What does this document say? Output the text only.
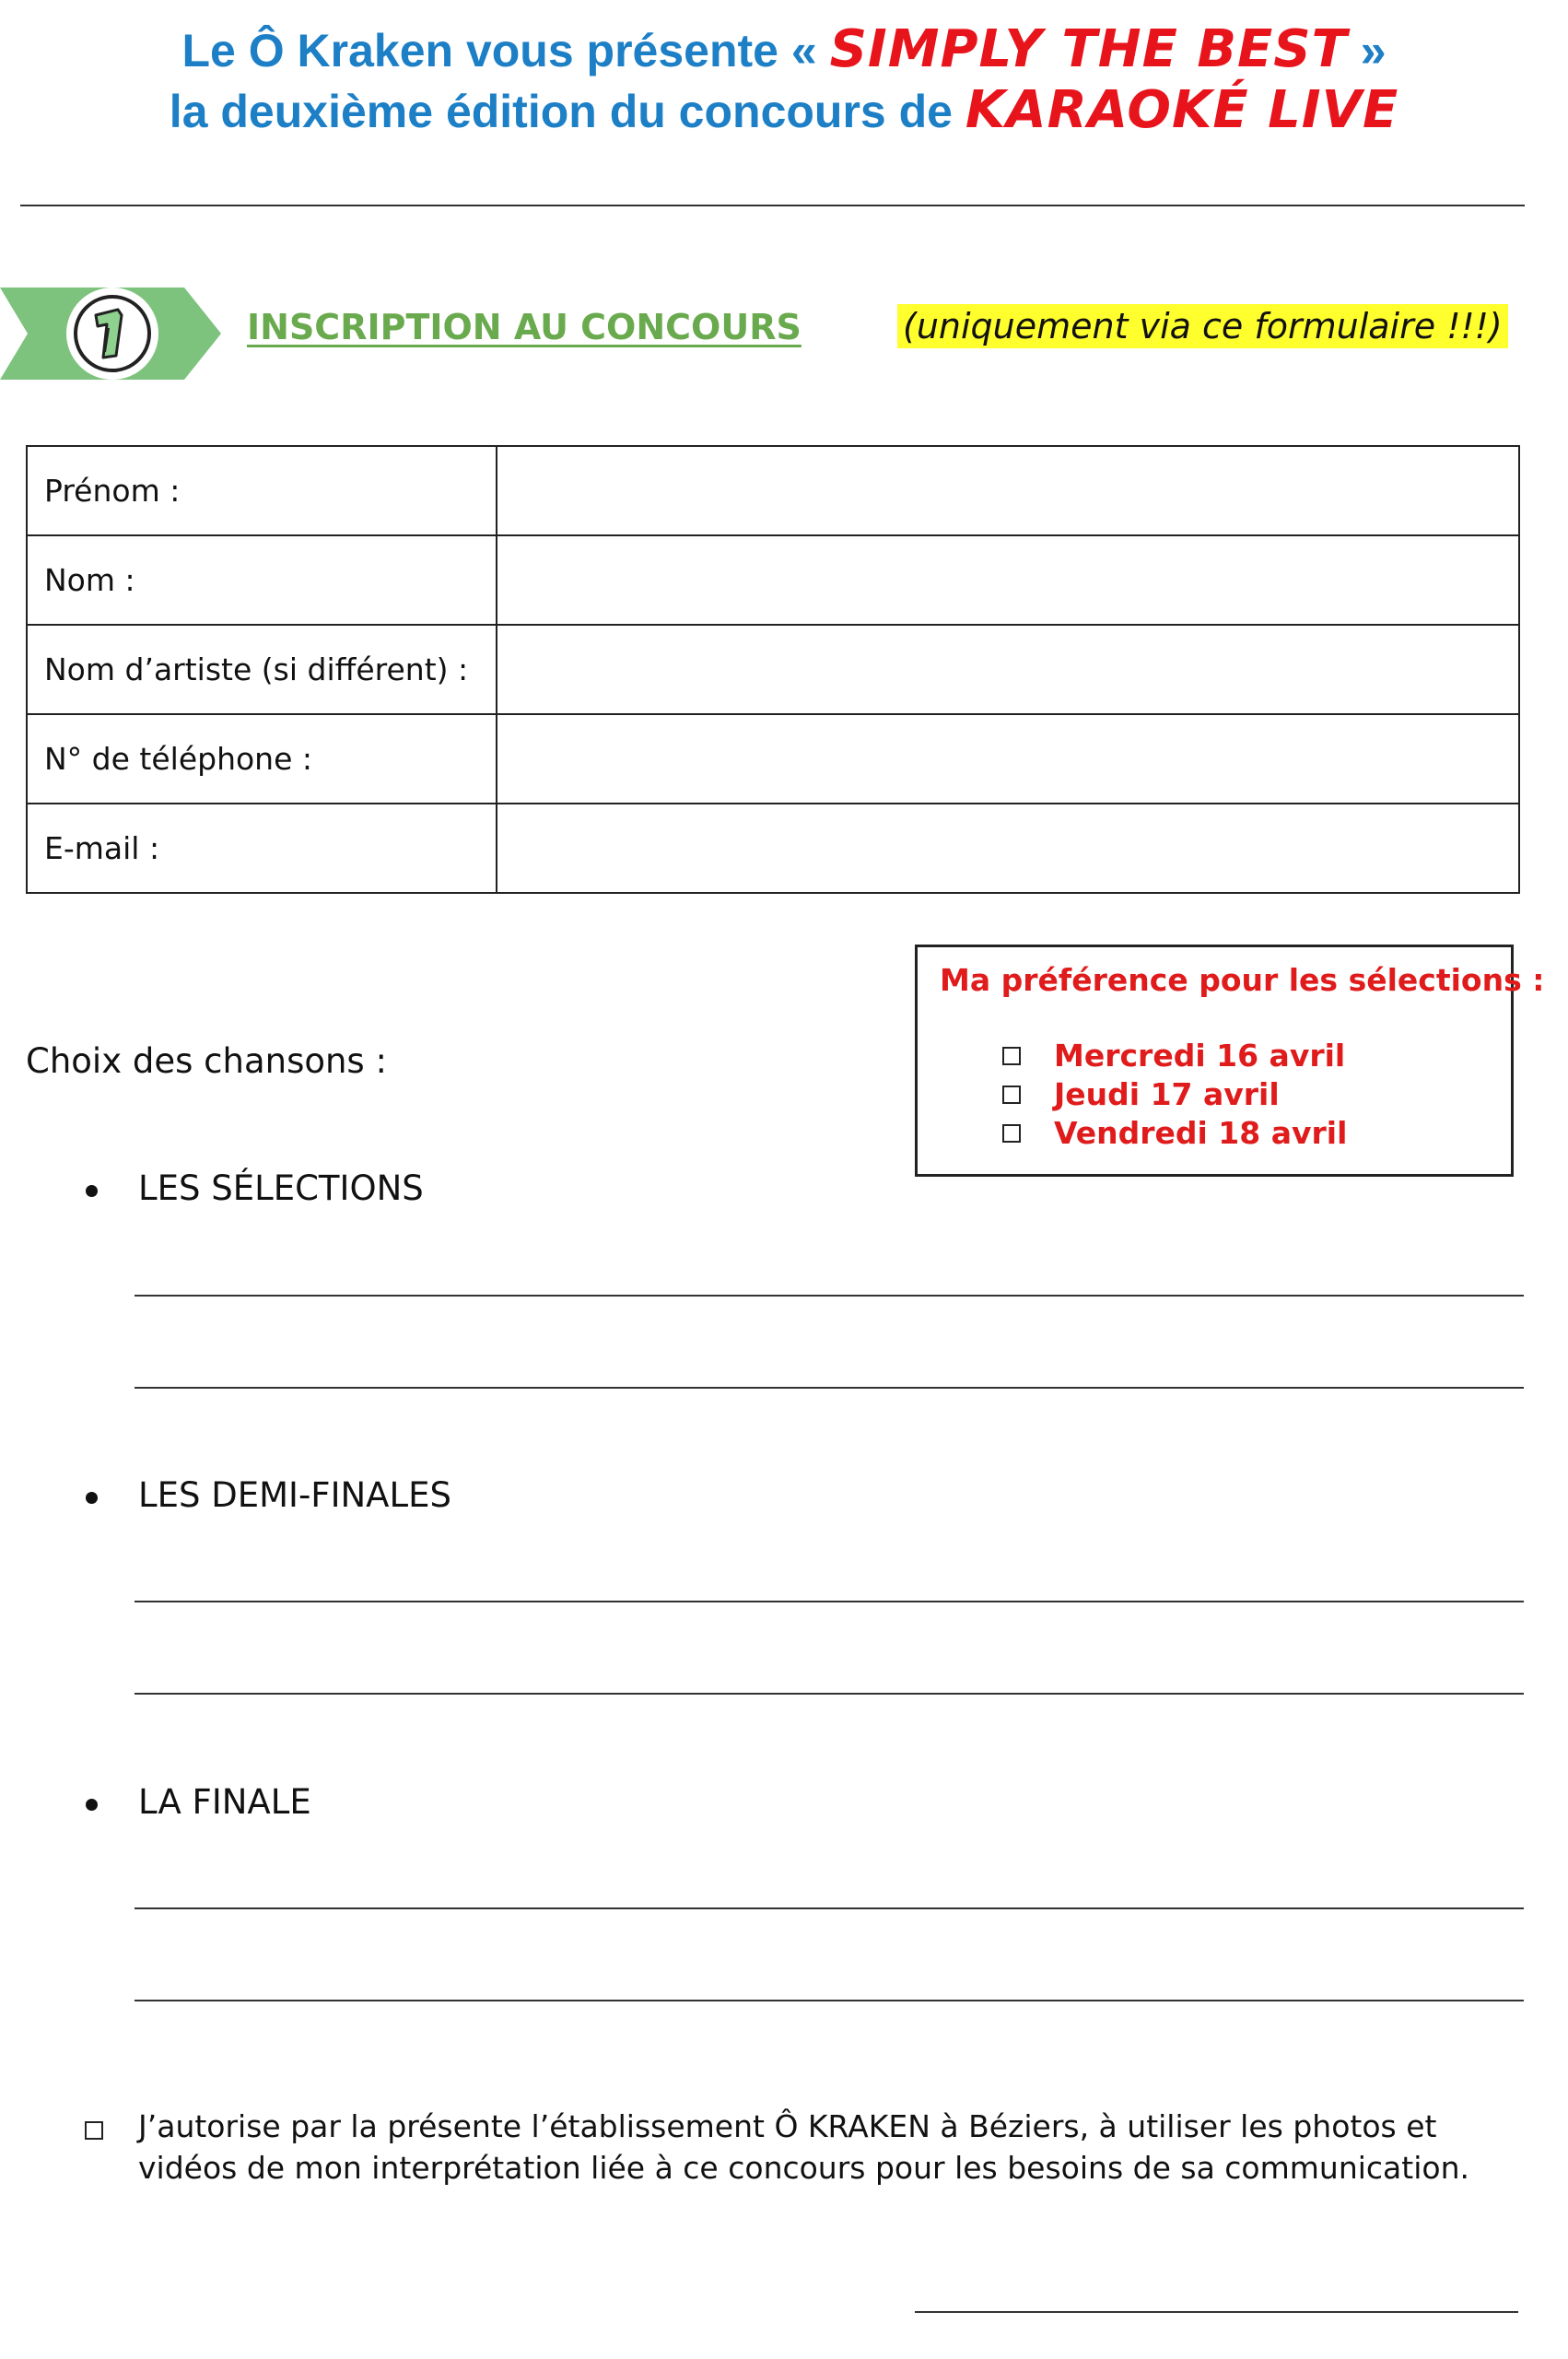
Le Ô Kraken vous présente « SIMPLY THE BEST »
la deuxième édition du concours de KARAOKÉ LIVE
INSCRIPTION AU CONCOURS	(uniquement via ce formulaire !!!)
Prénom :	
Nom :	
Nom d’artiste (si différent) :	
N° de téléphone :	
E-mail :	
Ma préférence pour les sélections :
Mercredi 16 avril
Jeudi 17 avril
Vendredi 18 avril
Choix des chansons :
LES SÉLECTIONS
LES DEMI-FINALES
LA FINALE
J’autorise par la présente l’établissement Ô KRAKEN à Béziers, à utiliser les photos et vidéos de mon interprétation liée à ce concours pour les besoins de sa communication.
